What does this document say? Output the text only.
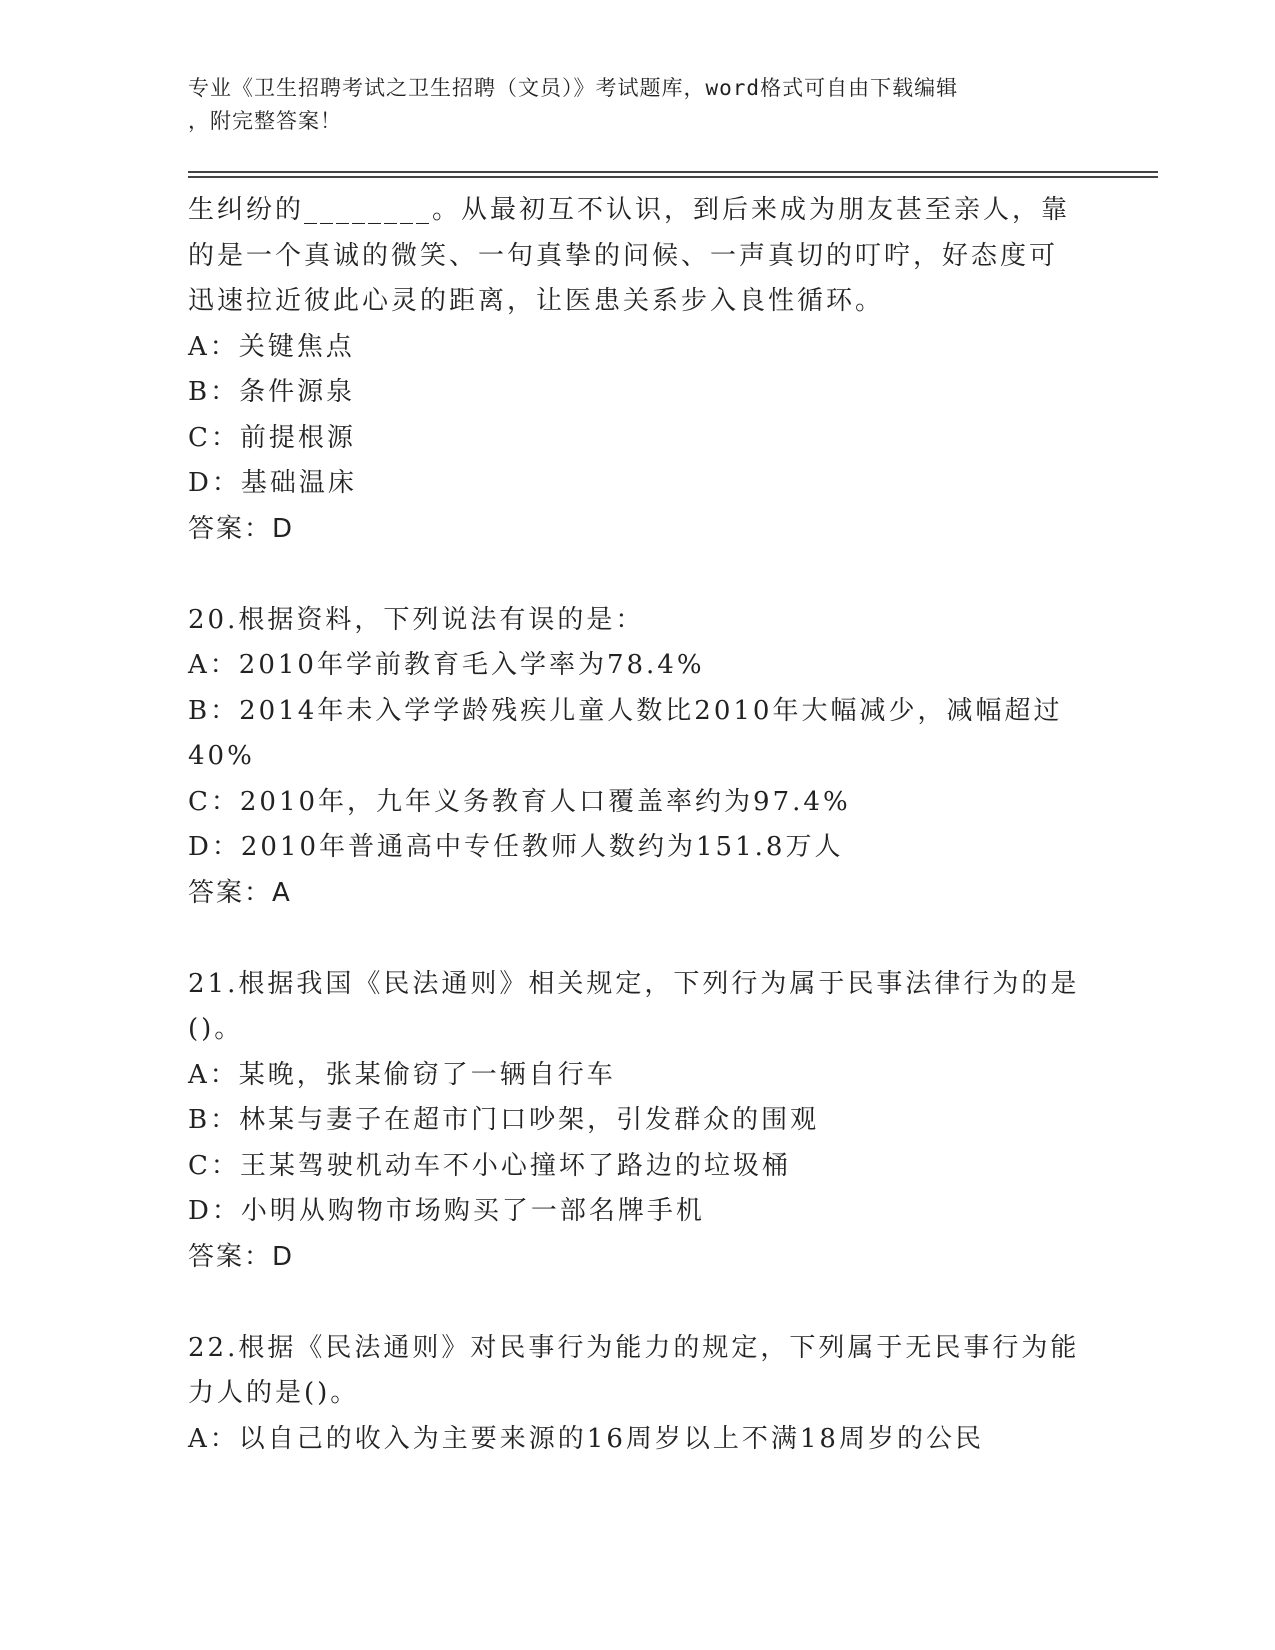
专业《卫生招聘考试之卫生招聘（文员）》考试题库，word格式可自由下载编辑
，附完整答案！
生纠纷的________。从最初互不认识，到后来成为朋友甚至亲人，靠
的是一个真诚的微笑、一句真挚的问候、一声真切的叮咛，好态度可
迅速拉近彼此心灵的距离，让医患关系步入良性循环。
A：关键焦点
B：条件源泉
C：前提根源
D：基础温床
答案：D
20.根据资料，下列说法有误的是：
A：2010年学前教育毛入学率为78.4%
B：2014年未入学学龄残疾儿童人数比2010年大幅减少，减幅超过
40%
C：2010年，九年义务教育人口覆盖率约为97.4%
D：2010年普通高中专任教师人数约为151.8万人
答案：A
21.根据我国《民法通则》相关规定，下列行为属于民事法律行为的是
()。
A：某晚，张某偷窃了一辆自行车
B：林某与妻子在超市门口吵架，引发群众的围观
C：王某驾驶机动车不小心撞坏了路边的垃圾桶
D：小明从购物市场购买了一部名牌手机
答案：D
22.根据《民法通则》对民事行为能力的规定，下列属于无民事行为能
力人的是()。
A：以自己的收入为主要来源的16周岁以上不满18周岁的公民
